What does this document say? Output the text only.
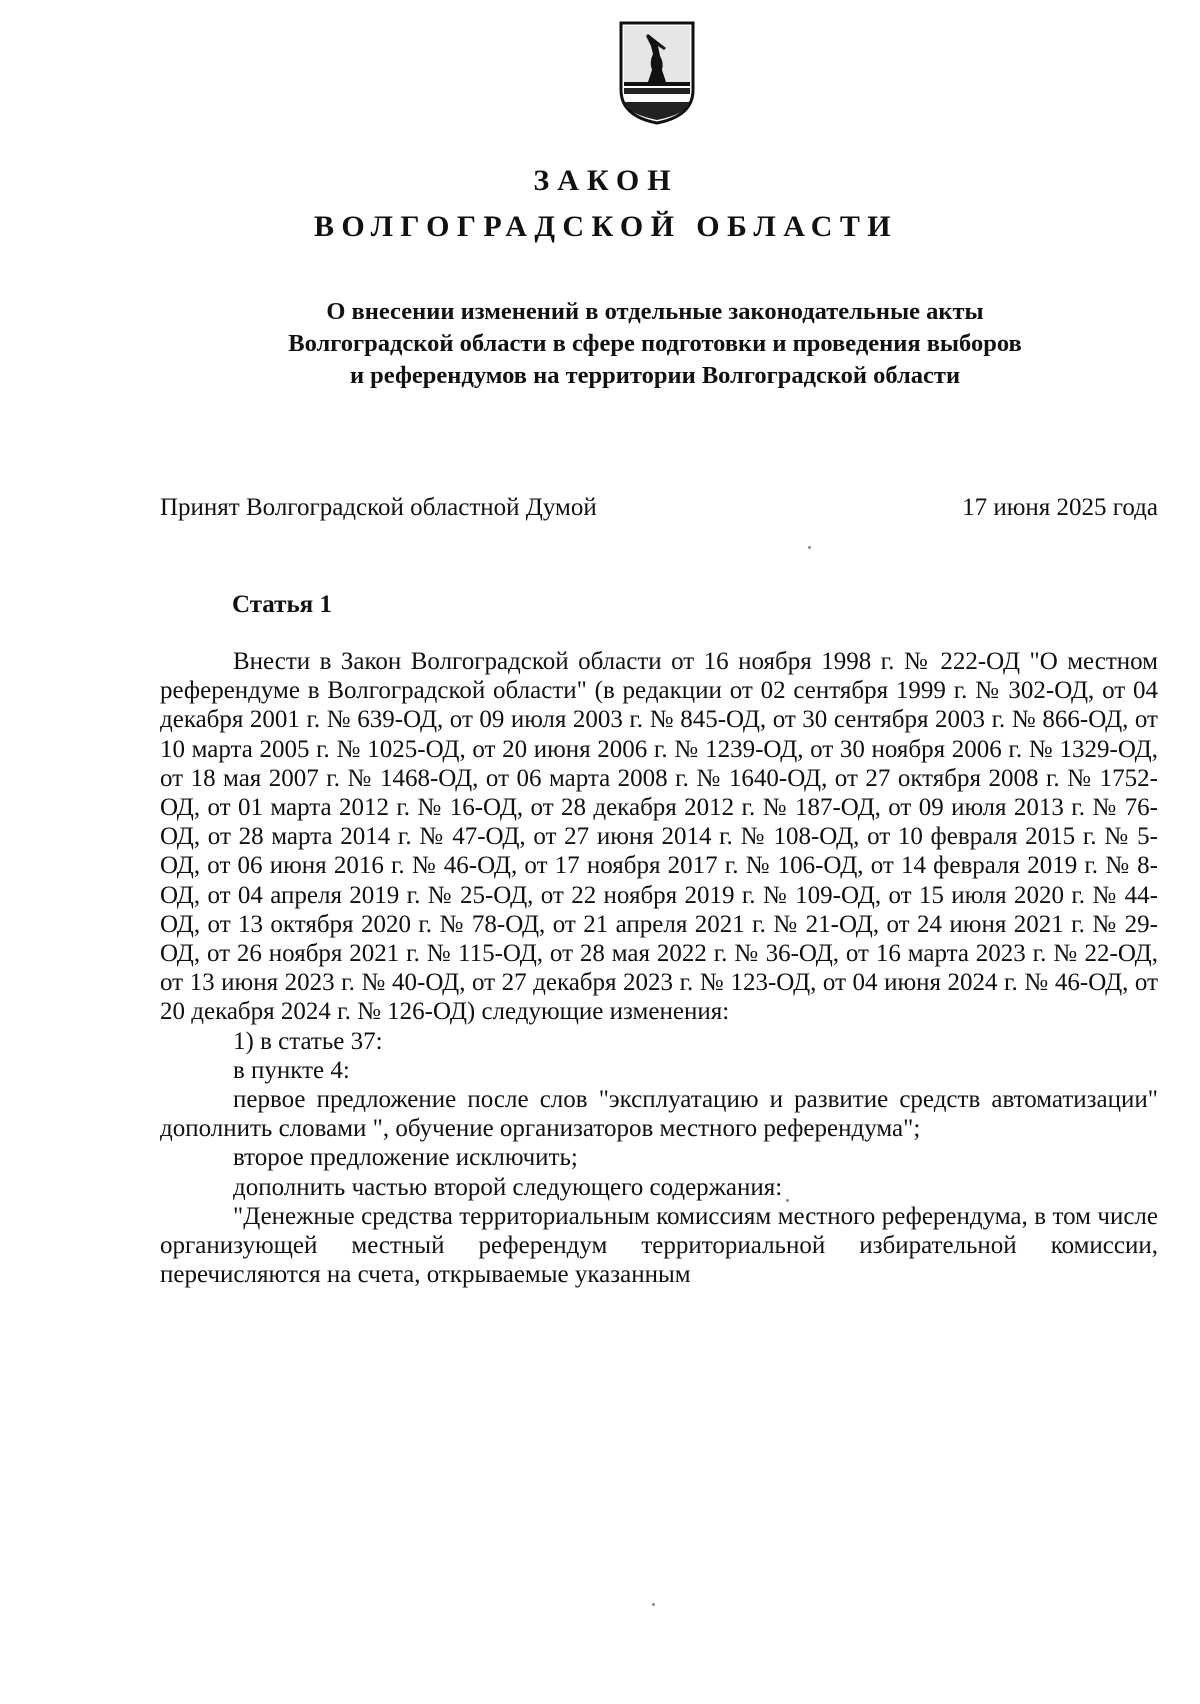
ЗАКОН
ВОЛГОГРАДСКОЙ ОБЛАСТИ
О внесении изменений в отдельные законодательные акты
Волгоградской области в сфере подготовки и проведения выборов
и референдумов на территории Волгоградской области
Принят Волгоградской областной Думой	17 июня 2025 года
Статья 1

Внести в Закон Волгоградской области от 16 ноября 1998 г. № 222-ОД "О местном референдуме в Волгоградской области" (в редакции от 02 сентября 1999 г. № 302-ОД, от 04 декабря 2001 г. № 639-ОД, от 09 июля 2003 г. № 845-ОД, от 30 сентября 2003 г. № 866-ОД, от 10 марта 2005 г. № 1025-ОД, от 20 июня 2006 г. № 1239-ОД, от 30 ноября 2006 г. № 1329-ОД, от 18 мая 2007 г. № 1468-ОД, от 06 марта 2008 г. № 1640-ОД, от 27 октября 2008 г. № 1752-ОД, от 01 марта 2012 г. № 16-ОД, от 28 декабря 2012 г. № 187-ОД, от 09 июля 2013 г. № 76-ОД, от 28 марта 2014 г. № 47-ОД, от 27 июня 2014 г. № 108-ОД, от 10 февраля 2015 г. № 5-ОД, от 06 июня 2016 г. № 46-ОД, от 17 ноября 2017 г. № 106-ОД, от 14 февраля 2019 г. № 8-ОД, от 04 апреля 2019 г. № 25-ОД, от 22 ноября 2019 г. № 109-ОД, от 15 июля 2020 г. № 44-ОД, от 13 октября 2020 г. № 78-ОД, от 21 апреля 2021 г. № 21-ОД, от 24 июня 2021 г. № 29-ОД, от 26 ноября 2021 г. № 115-ОД, от 28 мая 2022 г. № 36-ОД, от 16 марта 2023 г. № 22-ОД, от 13 июня 2023 г. № 40-ОД, от 27 декабря 2023 г. № 123-ОД, от 04 июня 2024 г. № 46-ОД, от 20 декабря 2024 г. № 126-ОД) следующие изменения:

1) в статье 37:

в пункте 4:

первое предложение после слов "эксплуатацию и развитие средств автоматизации" дополнить словами ", обучение организаторов местного референдума";

второе предложение исключить;

дополнить частью второй следующего содержания:

"Денежные средства территориальным комиссиям местного референдума, в том числе организующей местный референдум территориальной избирательной комиссии, перечисляются на счета, открываемые указанным
